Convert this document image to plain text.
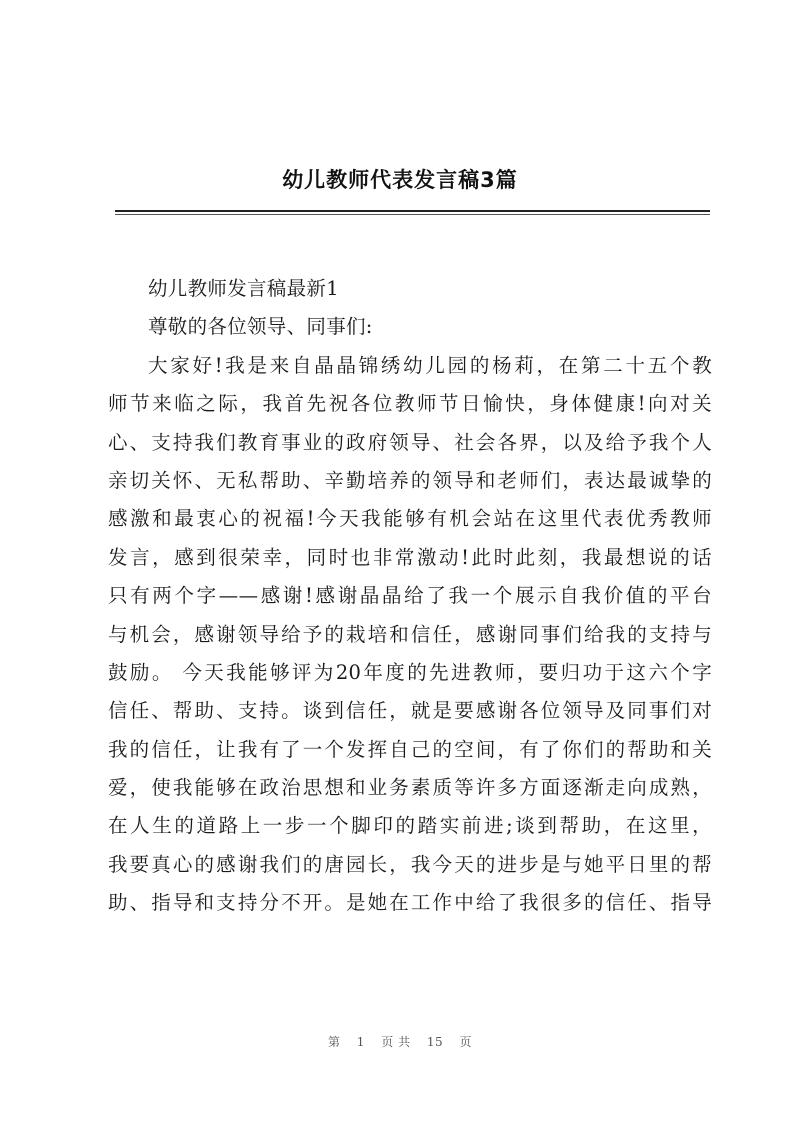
幼儿教师代表发言稿3篇
幼儿教师发言稿最新1
尊敬的各位领导、同事们:
大家好!我是来自晶晶锦绣幼儿园的杨莉，在第二十五个教
师节来临之际，我首先祝各位教师节日愉快，身体健康!向对关
心、支持我们教育事业的政府领导、社会各界，以及给予我个人
亲切关怀、无私帮助、辛勤培养的领导和老师们，表达最诚挚的
感激和最衷心的祝福!今天我能够有机会站在这里代表优秀教师
发言，感到很荣幸，同时也非常激动!此时此刻，我最想说的话
只有两个字——感谢!感谢晶晶给了我一个展示自我价值的平台
与机会，感谢领导给予的栽培和信任，感谢同事们给我的支持与
鼓励。 今天我能够评为20年度的先进教师，要归功于这六个字
信任、帮助、支持。谈到信任，就是要感谢各位领导及同事们对
我的信任，让我有了一个发挥自己的空间，有了你们的帮助和关
爱，使我能够在政治思想和业务素质等许多方面逐渐走向成熟，
在人生的道路上一步一个脚印的踏实前进;谈到帮助，在这里，
我要真心的感谢我们的唐园长，我今天的进步是与她平日里的帮
助、指导和支持分不开。是她在工作中给了我很多的信任、指导
第 1 页 共 15 页
